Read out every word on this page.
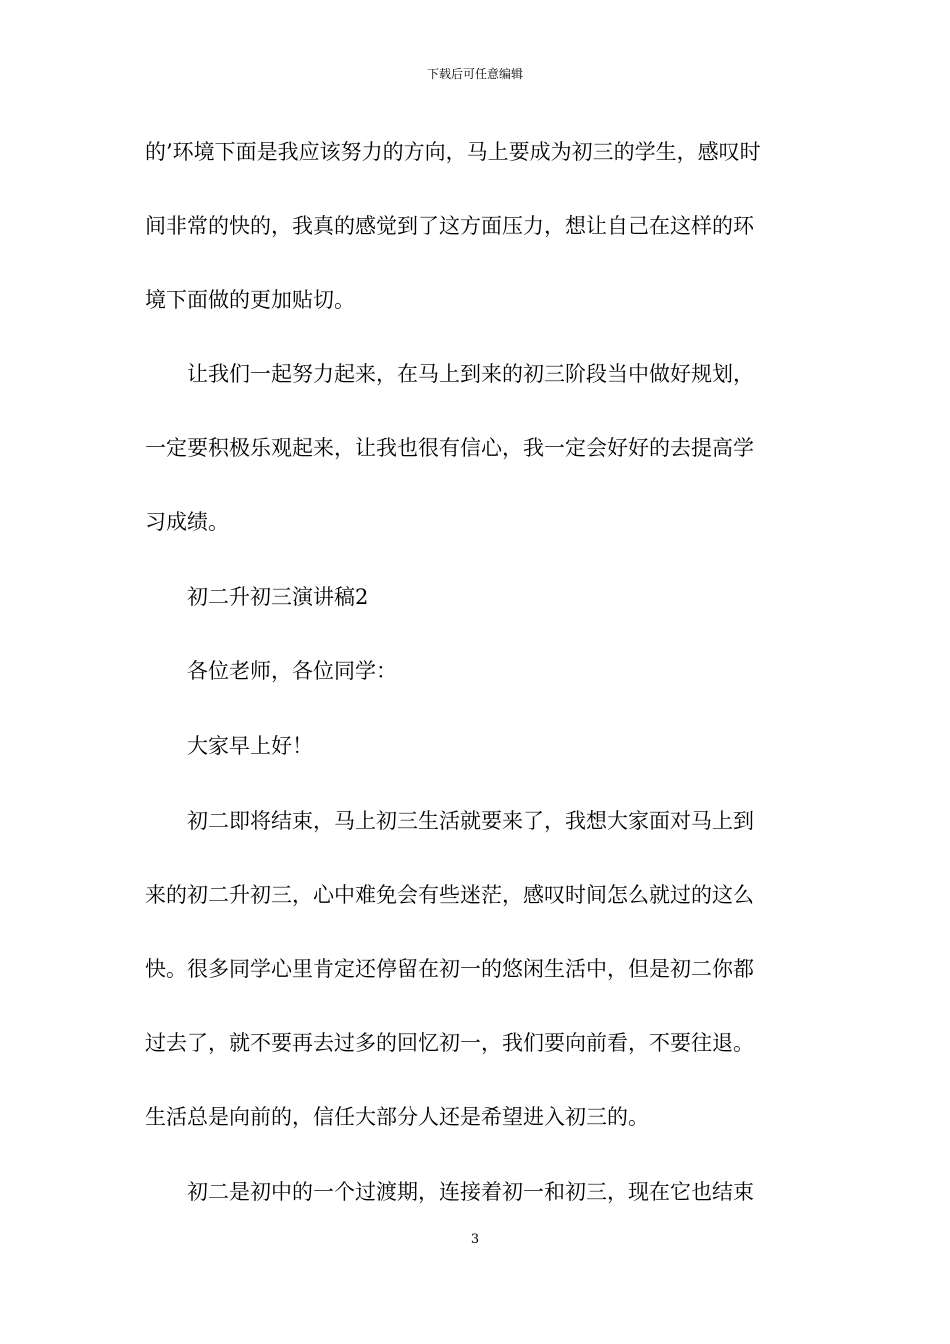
下载后可任意编辑
的’环境下面是我应该努力的方向，马上要成为初三的学生，感叹时
间非常的快的，我真的感觉到了这方面压力，想让自己在这样的环
境下面做的更加贴切。
　　让我们一起努力起来，在马上到来的初三阶段当中做好规划，
一定要积极乐观起来，让我也很有信心，我一定会好好的去提高学
习成绩。
　　初二升初三演讲稿2
　　各位老师，各位同学：
　　大家早上好！
　　初二即将结束，马上初三生活就要来了，我想大家面对马上到
来的初二升初三，心中难免会有些迷茫，感叹时间怎么就过的这么
快。很多同学心里肯定还停留在初一的悠闲生活中，但是初二你都
过去了，就不要再去过多的回忆初一，我们要向前看，不要往退。
生活总是向前的，信任大部分人还是希望进入初三的。
　　初二是初中的一个过渡期，连接着初一和初三，现在它也结束
3
